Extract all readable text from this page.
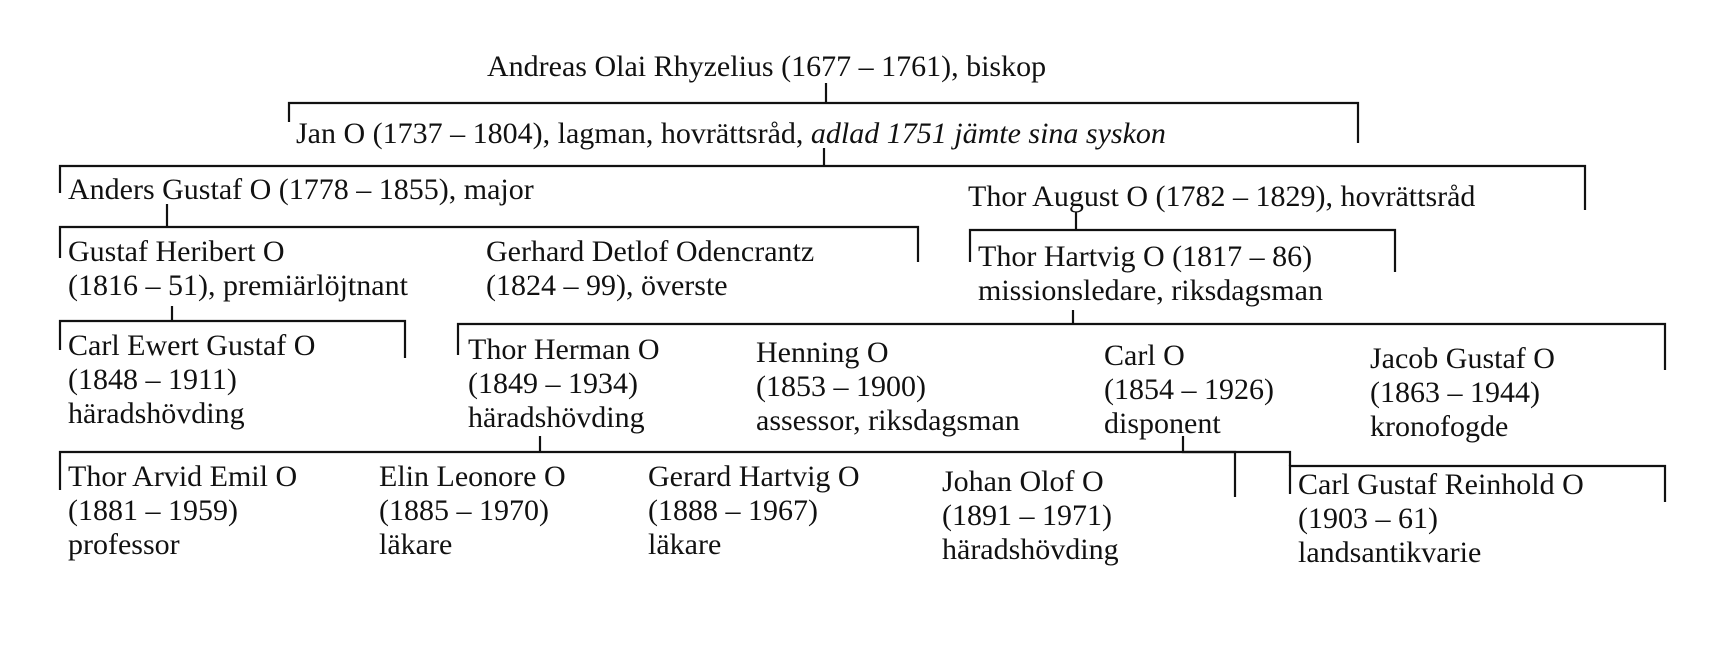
Andreas Olai Rhyzelius (1677 – 1761), biskop
Jan O (1737 – 1804), lagman, hovrättsråd, adlad 1751 jämte sina syskon
Anders Gustaf O (1778 – 1855), major	Thor August O (1782 – 1829), hovrättsråd
Gustaf Heribert O
(1816 – 51), premiärlöjtnant
Gerhard Detlof Odencrantz
(1824 – 99), överste
Thor Hartvig O (1817 – 86)
missionsledare, riksdagsman
Carl Ewert Gustaf O
(1848 – 1911)
häradshövding
Thor Herman O
(1849 – 1934)
häradshövding
Henning O
(1853 – 1900)
assessor, riksdagsman
Carl O
(1854 – 1926)
disponent
Jacob Gustaf O
(1863 – 1944)
kronofogde
Thor Arvid Emil O
(1881 – 1959)
professor
Elin Leonore O
(1885 – 1970)
läkare
Gerard Hartvig O
(1888 – 1967)
läkare
Johan Olof O
(1891 – 1971)
häradshövding
Carl Gustaf Reinhold O
(1903 – 61)
landsantikvarie
